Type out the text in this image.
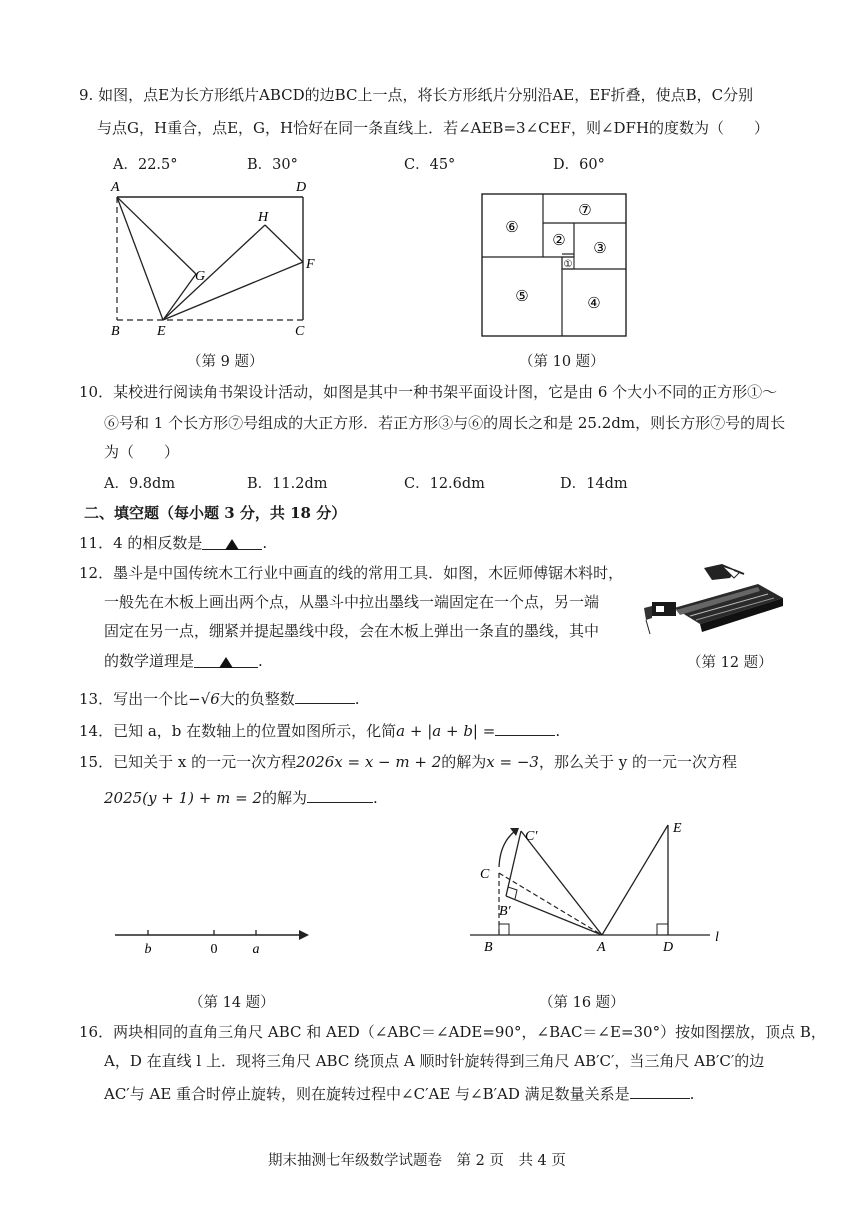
9. 如图，点E为长方形纸片ABCD的边BC上一点，将长方形纸片分别沿AE，EF折叠，使点B，C分别
与点G，H重合，点E，G，H恰好在同一条直线上．若∠AEB=3∠CEF，则∠DFH的度数为（　　）
A．22.5°	B．30°	C．45°	D．60°
A	D
H
G
F
B	E	C
（第 9 题）
⑥
⑦
② ③
①
⑤	④
（第 10 题）
10．某校进行阅读角书架设计活动，如图是其中一种书架平面设计图，它是由 6 个大小不同的正方形①～
⑥号和 1 个长方形⑦号组成的大正方形．若正方形③与⑥的周长之和是 25.2dm，则长方形⑦号的周长
为（　　）
A．9.8dm	B．11.2dm	C．12.6dm	D．14dm
二、填空题（每小题 3 分，共 18 分）
11．4 的相反数是	.
12．墨斗是中国传统木工行业中画直的线的常用工具．如图，木匠师傅锯木料时，
一般先在木板上画出两个点，从墨斗中拉出墨线一端固定在一个点，另一端
固定在另一点，绷紧并提起墨线中段，会在木板上弹出一条直的墨线，其中
的数学道理是	.	（第 12 题）
13．写出一个比−√6大的负整数	.
14．已知 a，b 在数轴上的位置如图所示，化简a + |a + b| =	.
15．已知关于 x 的一元一次方程2026x = x − m + 2的解为x = −3，那么关于 y 的一元一次方程
2025(y + 1) + m = 2的解为	.
b	0	a
（第 14 题）
C′
E
C
B′
B	A	D
l
（第 16 题）
16．两块相同的直角三角尺 ABC 和 AED（∠ABC＝∠ADE=90°，∠BAC＝∠E=30°）按如图摆放，顶点 B，
A，D 在直线 l 上．现将三角尺 ABC 绕顶点 A 顺时针旋转得到三角尺 AB′C′，当三角尺 AB′C′的边
AC′与 AE 重合时停止旋转，则在旋转过程中∠C′AE 与∠B′AD 满足数量关系是	.
期末抽测七年级数学试题卷　第 2 页　共 4 页
